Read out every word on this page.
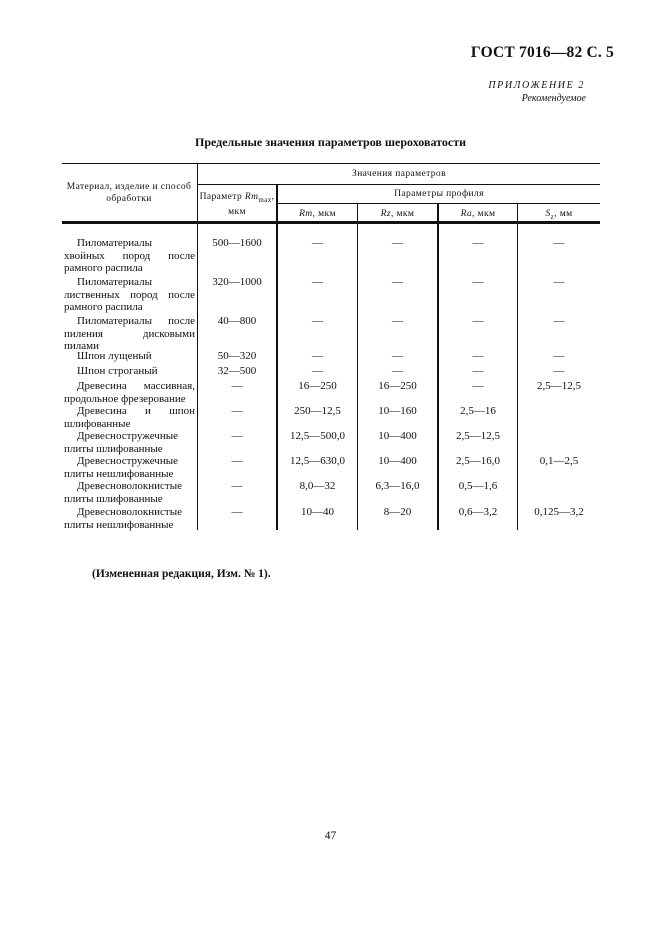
ГОСТ 7016—82 С. 5
ПРИЛОЖЕНИЕ 2
Рекомендуемое
Предельные значения параметров шероховатости
Материал, изделие и способ обработки
Значения параметров
Параметр $Rm_{max}$, мкм
Параметры профиля
Rm, мкм	Rz, мкм	Ra, мкм	$S_z$, мм
Пиломатериалы хвойных пород после рамного распила
500—1600	—	—	—	—
Пиломатериалы лиственных пород после рамного распила
320—1000	—	—	—	—
Пиломатериалы после пиления дисковыми пилами
40—800	—	—	—	—
Шпон лущеный	50—320	—	—	—	—
Шпон строганый	32—500	—	—	—	—
Древесина массивная, продольное фрезерование
—	16—250	16—250	—	2,5—12,5
Древесина и шпон шлифованные
—	250—12,5	10—160	2,5—16
Древесностружечные плиты шлифованные
—	12,5—500,0	10—400	2,5—12,5
Древесностружечные плиты нешлифованные
—	12,5—630,0	10—400	2,5—16,0	0,1—2,5
Древесноволокнистые плиты шлифованные
—	8,0—32	6,3—16,0	0,5—1,6
Древесноволокнистые плиты нешлифованные
—	10—40	8—20	0,6—3,2	0,125—3,2
(Измененная редакция, Изм. № 1).
47
